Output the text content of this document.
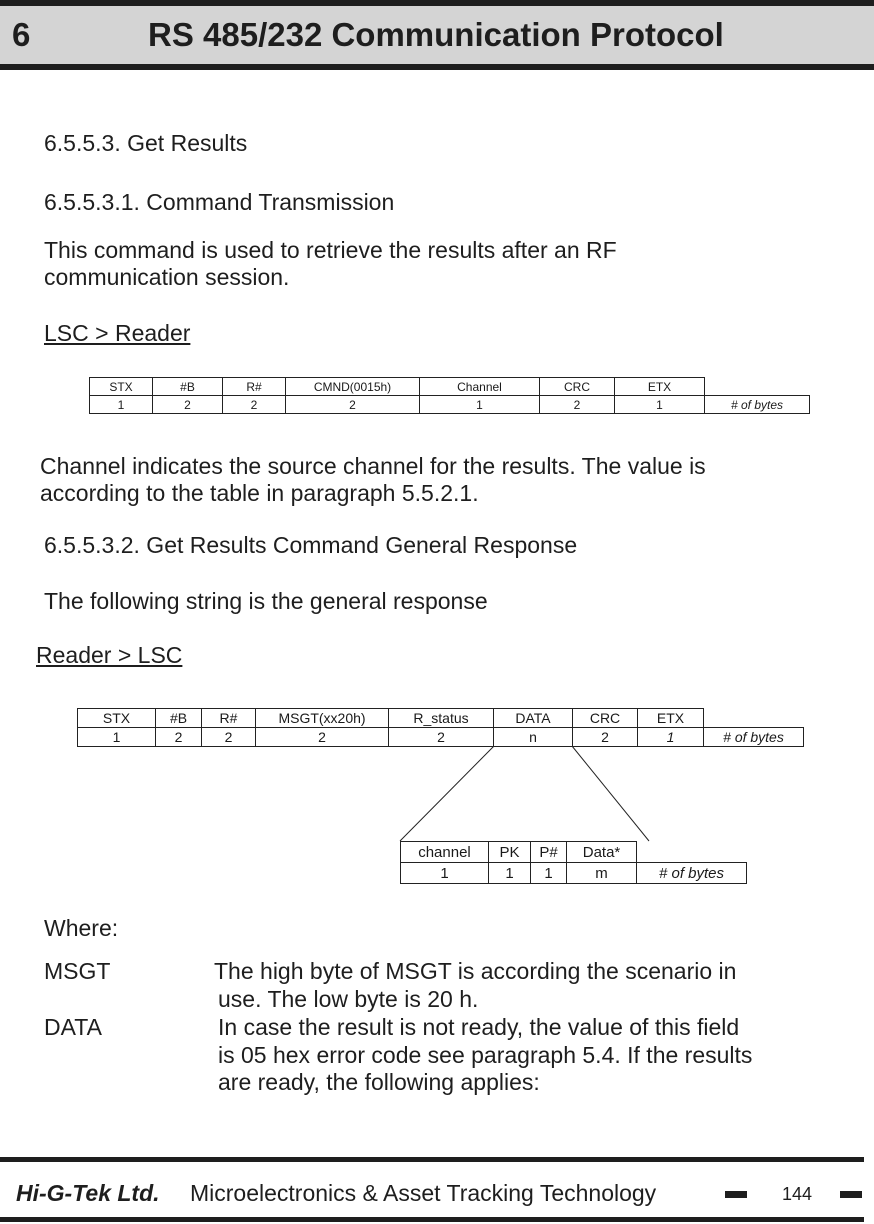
6	RS 485/232 Communication Protocol
6.5.5.3. Get Results
6.5.5.3.1. Command Transmission
This command is used to retrieve the results after an RF
communication session.
LSC > Reader
STX	#B	R#	CMND(0015h)	Channel	CRC	ETX	
1	2	2	2	1	2	1	# of bytes
Channel indicates the source channel for the results. The value is
according to the table in paragraph 5.5.2.1.
6.5.5.3.2. Get Results Command General Response
The following string is the general response
Reader > LSC
STX	#B	R#	MSGT(xx20h)	R_status	DATA	CRC	ETX	
1	2	2	2	2	n	2	1	# of bytes
channel	PK	P#	Data*	
1	1	1	m	# of bytes
Where:
MSGT	The high byte of MSGT is according the scenario in
use. The low byte is 20 h.
DATA	In case the result is not ready, the value of this field
is 05 hex error code see paragraph 5.4. If the results
are ready, the following applies:
Hi-G-Tek Ltd. Microelectronics & Asset Tracking Technology	144
